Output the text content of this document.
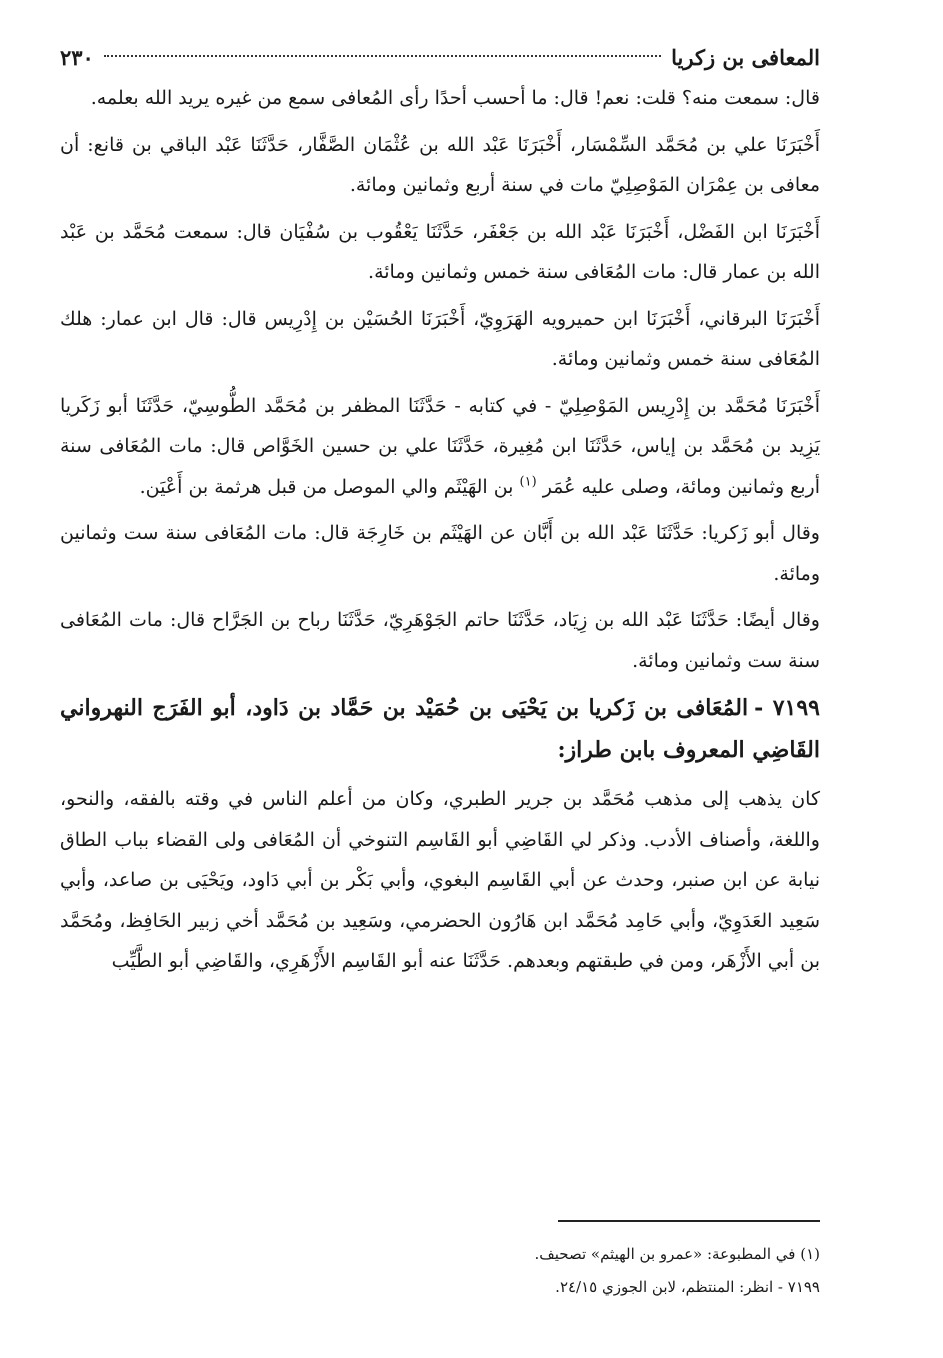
المعافى بن زكريا
٢٣٠

قال: سمعت منه؟ قلت: نعم! قال: ما أحسب أحدًا رأى المُعافى سمع من غيره يريد الله بعلمه.

أَخْبَرَنَا علي بن مُحَمَّد السِّمْسَار، أَخْبَرَنَا عَبْد الله بن عُثْمَان الصَّفَّار، حَدَّثَنَا عَبْد الباقي بن قانع: أن معافى بن عِمْرَان المَوْصِلِيّ مات في سنة أربع وثمانين ومائة.

أَخْبَرَنَا ابن الفَضْل، أَخْبَرَنَا عَبْد الله بن جَعْفَر، حَدَّثَنَا يَعْقُوب بن سُفْيَان قال: سمعت مُحَمَّد بن عَبْد الله بن عمار قال: مات المُعَافى سنة خمس وثمانين ومائة.

أَخْبَرَنَا البرقاني، أَخْبَرَنَا ابن حميرويه الهَرَوِيّ، أَخْبَرَنَا الحُسَيْن بن إِدْرِيس قال: قال ابن عمار: هلك المُعَافى سنة خمس وثمانين ومائة.

أَخْبَرَنَا مُحَمَّد بن إِدْرِيس المَوْصِلِيّ - في كتابه - حَدَّثَنَا المظفر بن مُحَمَّد الطُّوسِيّ، حَدَّثَنَا أبو زَكَريا يَزِيد بن مُحَمَّد بن إياس، حَدَّثَنَا ابن مُغِيرة، حَدَّثَنَا علي بن حسين الخَوَّاص قال: مات المُعَافى سنة أربع وثمانين ومائة، وصلى عليه عُمَر $^{(١)}$ بن الهَيْثَم والي الموصل من قبل هرثمة بن أَعْيَن.

وقال أبو زَكريا: حَدَّثَنَا عَبْد الله بن أَبَّان عن الهَيْثَم بن خَارِجَة قال: مات المُعَافى سنة ست وثمانين ومائة.

وقال أيضًا: حَدَّثَنَا عَبْد الله بن زِيَاد، حَدَّثَنَا حاتم الجَوْهَرِيّ، حَدَّثَنَا رباح بن الجَرَّاح قال: مات المُعَافى سنة ست وثمانين ومائة.

٧١٩٩ -المُعَافى بن زَكريا بن يَحْيَى بن حُمَيْد بن حَمَّاد بن دَاود، أبو الفَرَج النهرواني القَاضِي المعروف بابن طراز:

كان يذهب إلى مذهب مُحَمَّد بن جرير الطبري، وكان من أعلم الناس في وقته بالفقه، والنحو، واللغة، وأصناف الأدب. وذكر لي القَاضِي أبو القَاسِم التنوخي أن المُعَافى ولى القضاء بباب الطاق نيابة عن ابن صنبر، وحدث عن أبي القَاسِم البغوي، وأبي بَكْر بن أبي دَاود، ويَحْيَى بن صاعد، وأبي سَعِيد العَدَوِيّ، وأبي حَامِد مُحَمَّد ابن هَارُون الحضرمي، وسَعِيد بن مُحَمَّد أخي زبير الحَافِظ، ومُحَمَّد بن أبي الأَزْهَر، ومن في طبقتهم وبعدهم. حَدَّثَنَا عنه أبو القَاسِم الأَزْهَرِي، والقَاضِي أبو الطَّيِّب

(١) في المطبوعة: «عمرو بن الهيثم» تصحيف.

٧١٩٩ - انظر: المنتظم، لابن الجوزي ٢٤/١٥.
